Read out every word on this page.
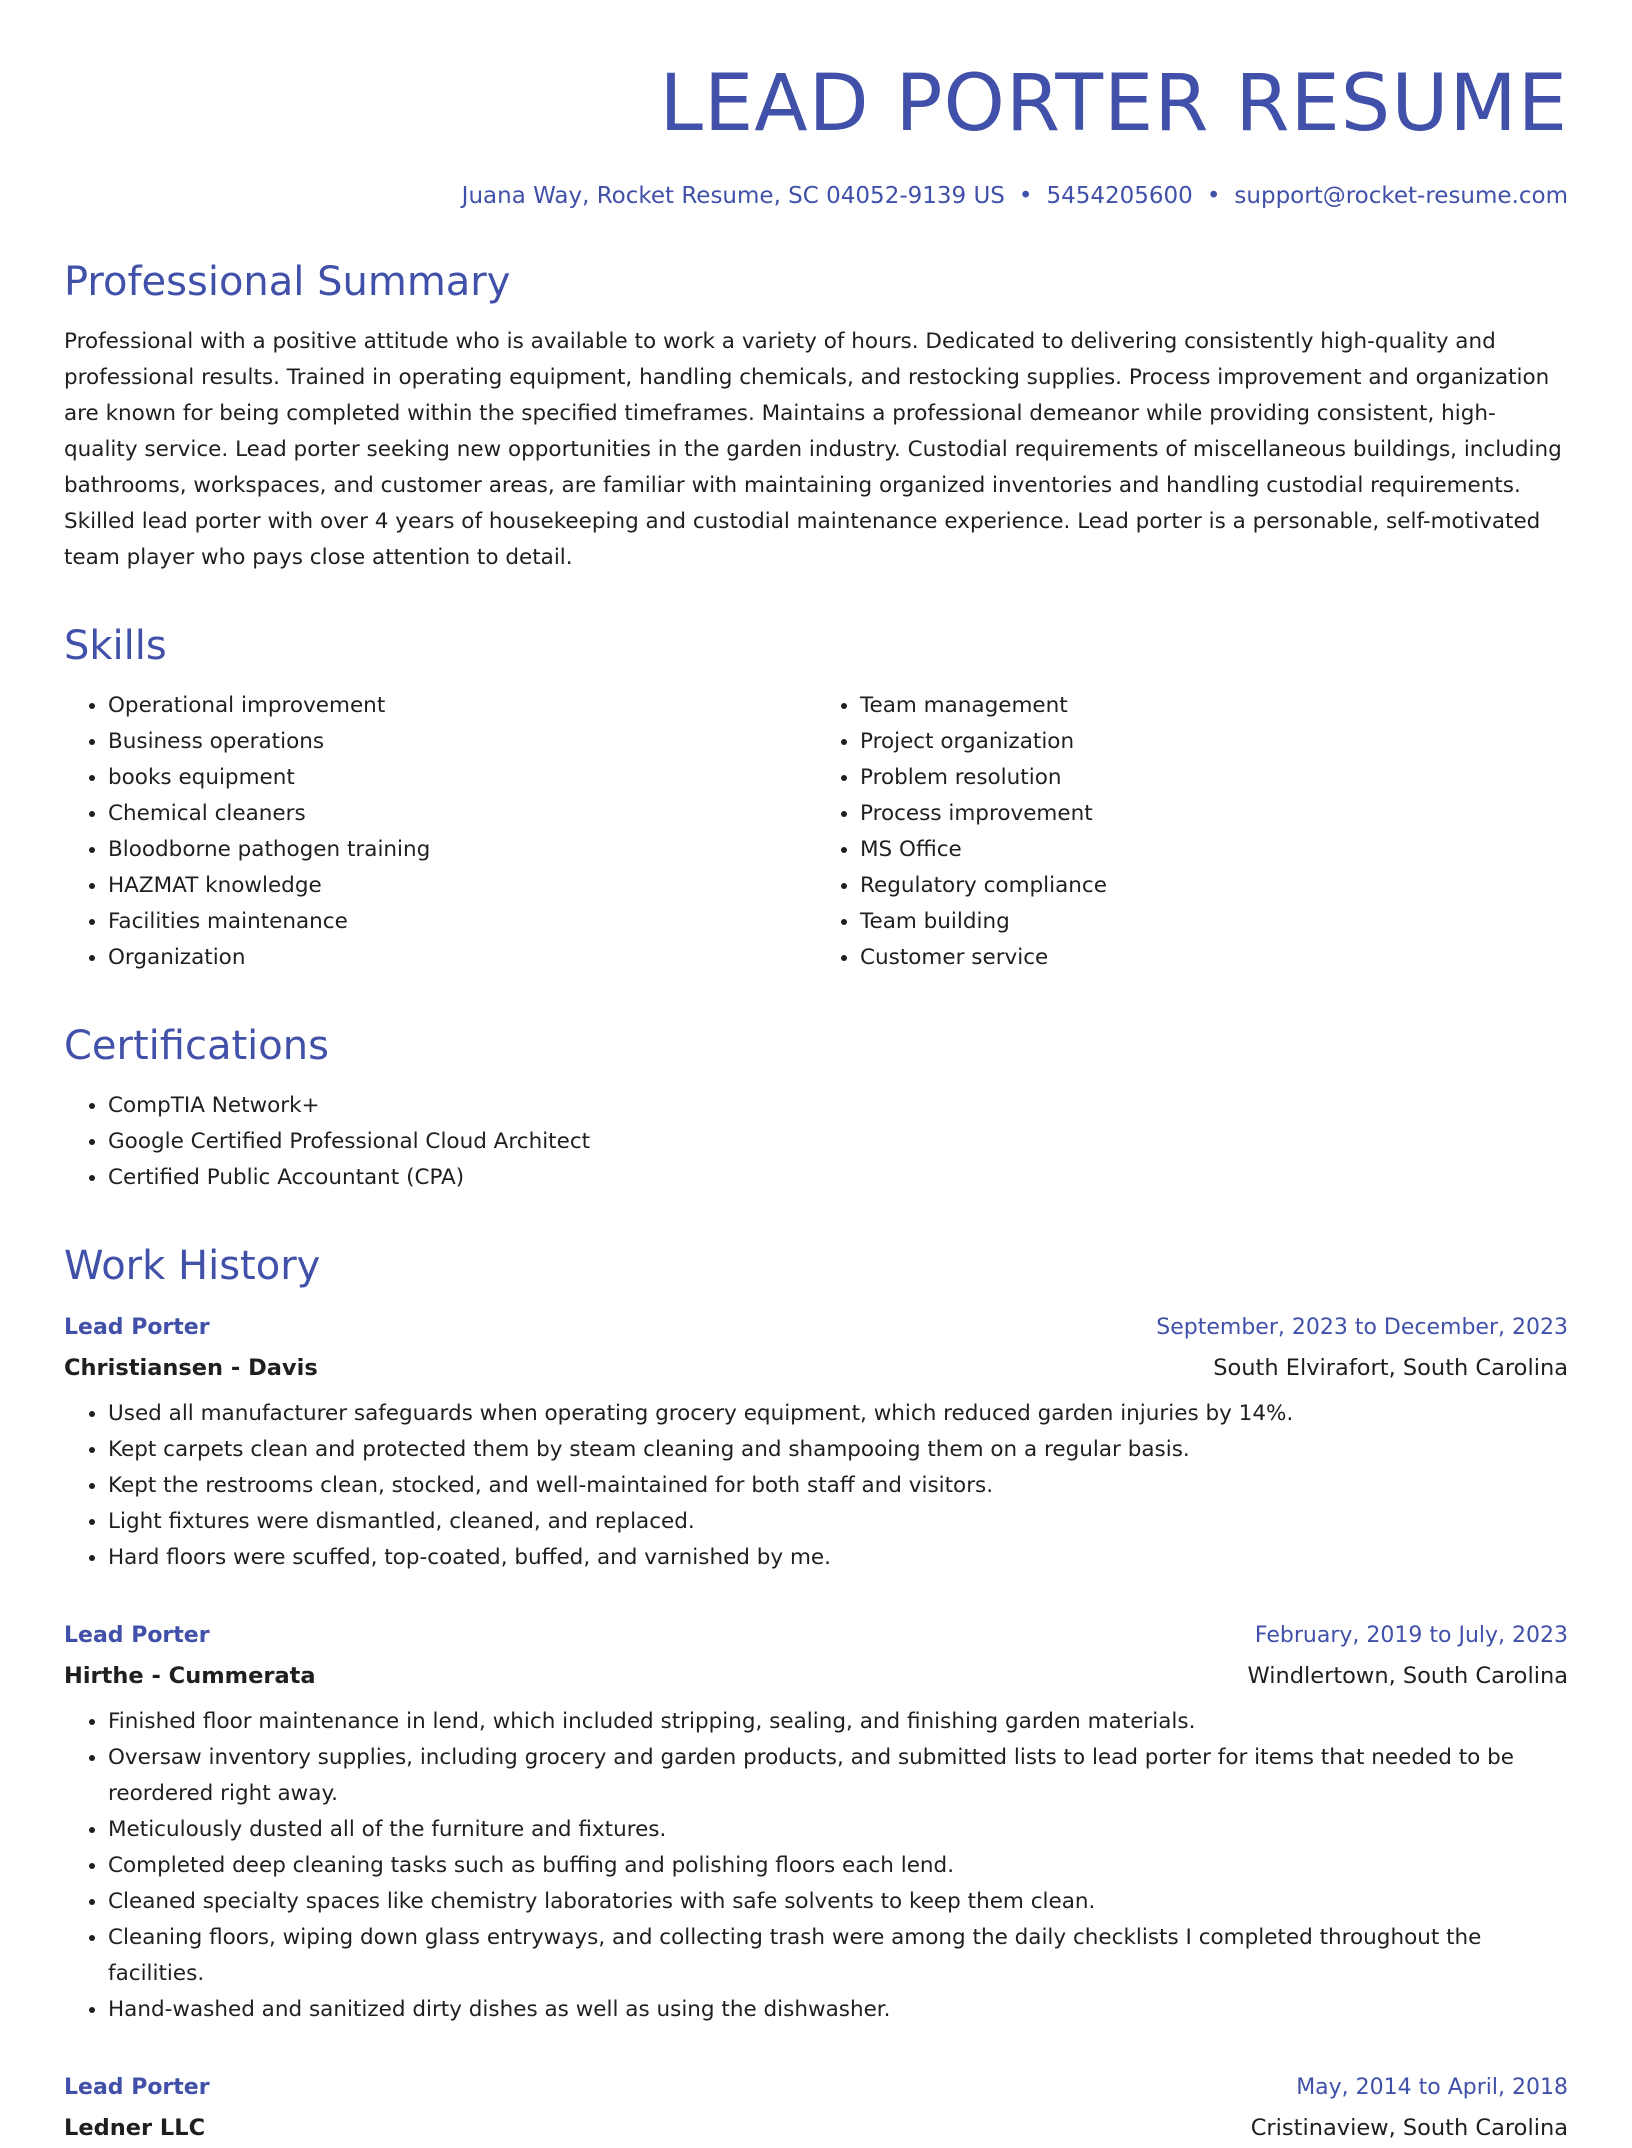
LEAD PORTER RESUME
Juana Way, Rocket Resume, SC 04052-9139 US • 5454205600 • support@rocket-resume.com
Professional Summary

Professional with a positive attitude who is available to work a variety of hours. Dedicated to delivering consistently high-quality and professional results. Trained in operating equipment, handling chemicals, and restocking supplies. Process improvement and organization are known for being completed within the specified timeframes. Maintains a professional demeanor while providing consistent, high-quality service. Lead porter seeking new opportunities in the garden industry. Custodial requirements of miscellaneous buildings, including bathrooms, workspaces, and customer areas, are familiar with maintaining organized inventories and handling custodial requirements. Skilled lead porter with over 4 years of housekeeping and custodial maintenance experience. Lead porter is a personable, self-motivated team player who pays close attention to detail.

Skills
• Operational improvement
• Business operations
• books equipment
• Chemical cleaners
• Bloodborne pathogen training
• HAZMAT knowledge
• Facilities maintenance
• Organization
• Team management
• Project organization
• Problem resolution
• Process improvement
• MS Office
• Regulatory compliance
• Team building
• Customer service
Certifications
• CompTIA Network+
• Google Certified Professional Cloud Architect
• Certified Public Accountant (CPA)
Work History
Lead Porter	September, 2023 to December, 2023
Christiansen - Davis	South Elvirafort, South Carolina
• Used all manufacturer safeguards when operating grocery equipment, which reduced garden injuries by 14%.
• Kept carpets clean and protected them by steam cleaning and shampooing them on a regular basis.
• Kept the restrooms clean, stocked, and well-maintained for both staff and visitors.
• Light fixtures were dismantled, cleaned, and replaced.
• Hard floors were scuffed, top-coated, buffed, and varnished by me.
Lead Porter	February, 2019 to July, 2023
Hirthe - Cummerata	Windlertown, South Carolina
• Finished floor maintenance in lend, which included stripping, sealing, and finishing garden materials.
• Oversaw inventory supplies, including grocery and garden products, and submitted lists to lead porter for items that needed to be reordered right away.
• Meticulously dusted all of the furniture and fixtures.
• Completed deep cleaning tasks such as buffing and polishing floors each lend.
• Cleaned specialty spaces like chemistry laboratories with safe solvents to keep them clean.
• Cleaning floors, wiping down glass entryways, and collecting trash were among the daily checklists I completed throughout the facilities.
• Hand-washed and sanitized dirty dishes as well as using the dishwasher.
Lead Porter	May, 2014 to April, 2018
Ledner LLC	Cristinaview, South Carolina
